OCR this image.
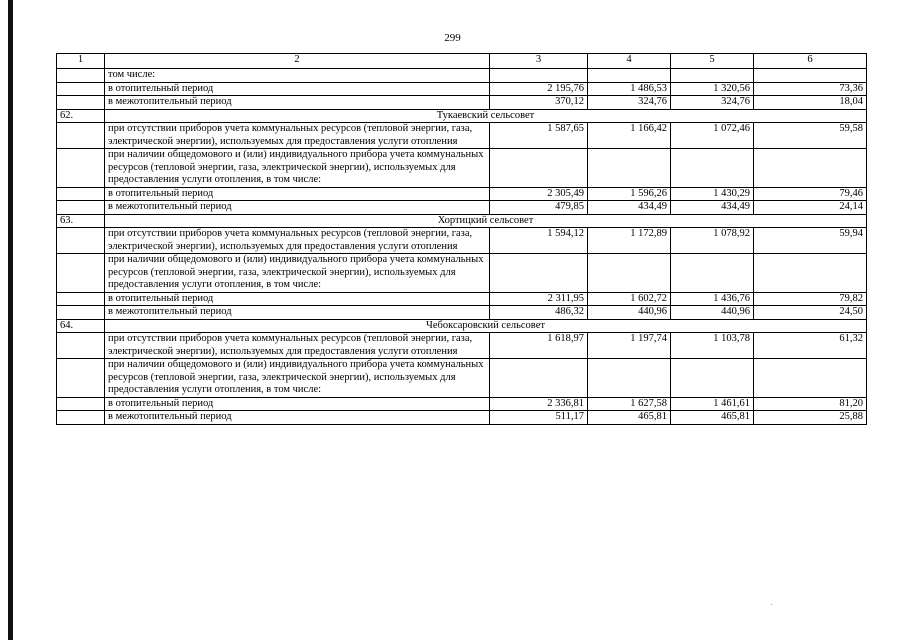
299
1	2	3	4	5	6
	том числе:				
	в отопительный период	2 195,76	1 486,53	1 320,56	73,36
	в межотопительный период	370,12	324,76	324,76	18,04
62.	Тукаевский сельсовет				
	при отсутствии приборов учета коммунальных ресурсов (тепловой энергии, газа, электрической энергии), используемых для предоставления услуги отопления	1 587,65	1 166,42	1 072,46	59,58
	при наличии общедомового и (или) индивидуального прибора учета коммунальных ресурсов (тепловой энергии, газа, электрической энергии), используемых для предоставления услуги отопления, в том числе:				
	в отопительный период	2 305,49	1 596,26	1 430,29	79,46
	в межотопительный период	479,85	434,49	434,49	24,14
63.	Хортицкий сельсовет				
	при отсутствии приборов учета коммунальных ресурсов (тепловой энергии, газа, электрической энергии), используемых для предоставления услуги отопления	1 594,12	1 172,89	1 078,92	59,94
	при наличии общедомового и (или) индивидуального прибора учета коммунальных ресурсов (тепловой энергии, газа, электрической энергии), используемых для предоставления услуги отопления, в том числе:				
	в отопительный период	2 311,95	1 602,72	1 436,76	79,82
	в межотопительный период	486,32	440,96	440,96	24,50
64.	Чебоксаровский сельсовет				
	при отсутствии приборов учета коммунальных ресурсов (тепловой энергии, газа, электрической энергии), используемых для предоставления услуги отопления	1 618,97	1 197,74	1 103,78	61,32
	при наличии общедомового и (или) индивидуального прибора учета коммунальных ресурсов (тепловой энергии, газа, электрической энергии), используемых для предоставления услуги отопления, в том числе:				
	в отопительный период	2 336,81	1 627,58	1 461,61	81,20
	в межотопительный период	511,17	465,81	465,81	25,88
